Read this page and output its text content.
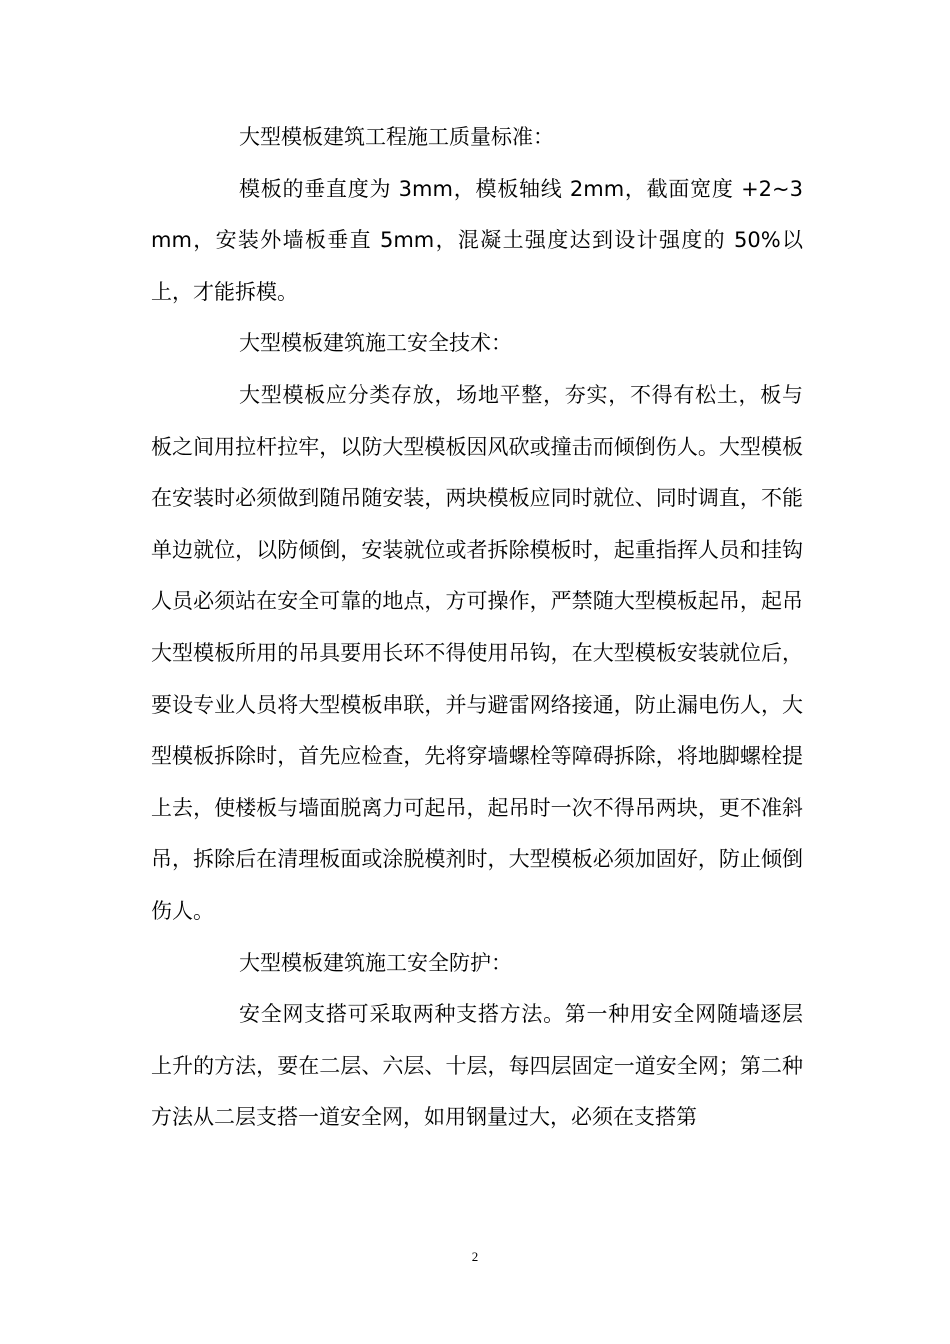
大型模板建筑工程施工质量标准：

模板的垂直度为 3mm，模板轴线 2mm，截面宽度 +2~3mm，安装外墙板垂直 5mm，混凝土强度达到设计强度的 50%以上，才能拆模。

大型模板建筑施工安全技术：

大型模板应分类存放，场地平整，夯实，不得有松土，板与板之间用拉杆拉牢，以防大型模板因风砍或撞击而倾倒伤人。大型模板在安装时必须做到随吊随安装，两块模板应同时就位、同时调直，不能单边就位，以防倾倒，安装就位或者拆除模板时，起重指挥人员和挂钩人员必须站在安全可靠的地点，方可操作，严禁随大型模板起吊，起吊大型模板所用的吊具要用长环不得使用吊钩，在大型模板安装就位后，要设专业人员将大型模板串联，并与避雷网络接通，防止漏电伤人，大型模板拆除时，首先应检查，先将穿墙螺栓等障碍拆除，将地脚螺栓提上去，使楼板与墙面脱离力可起吊，起吊时一次不得吊两块，更不准斜吊，拆除后在清理板面或涂脱模剂时，大型模板必须加固好，防止倾倒伤人。

大型模板建筑施工安全防护：

安全网支搭可采取两种支搭方法。第一种用安全网随墙逐层上升的方法，要在二层、六层、十层，每四层固定一道安全网；第二种方法从二层支搭一道安全网，如用钢量过大，必须在支搭第

2
